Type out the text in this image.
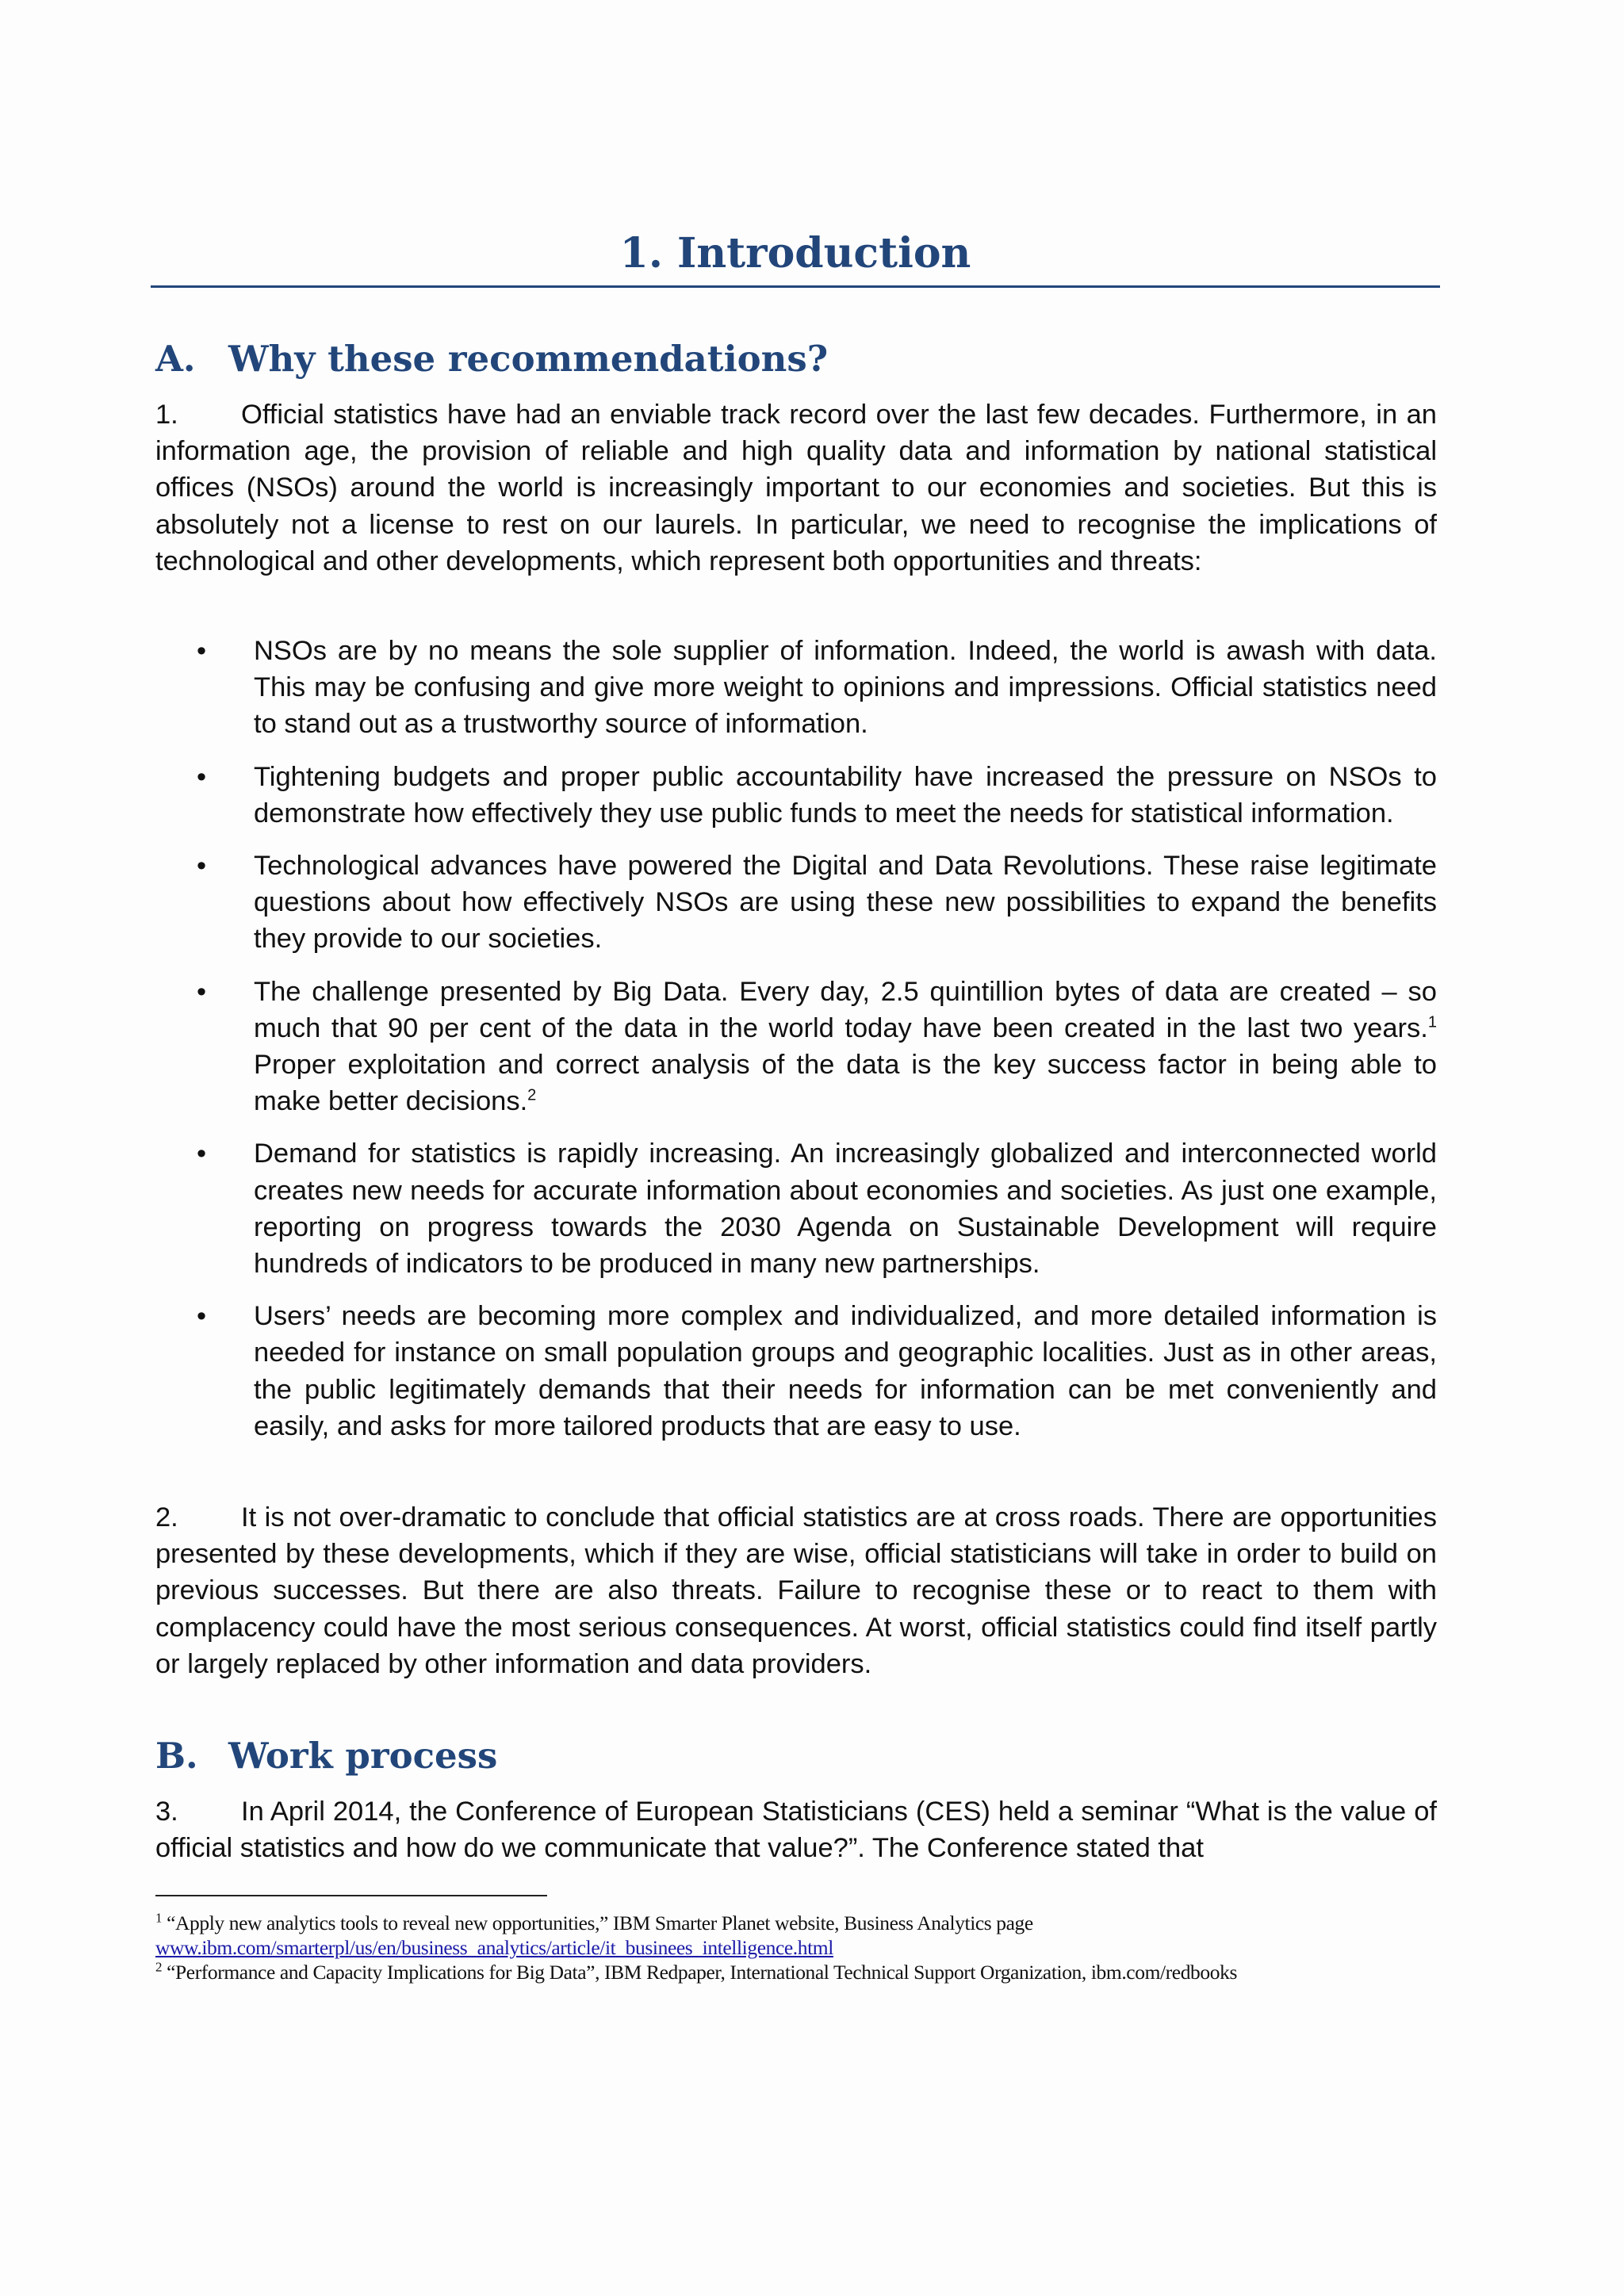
1. Introduction
A. Why these recommendations?

1. Official statistics have had an enviable track record over the last few decades. Furthermore, in an information age, the provision of reliable and high quality data and information by national statistical offices (NSOs) around the world is increasingly important to our economies and societies. But this is absolutely not a license to rest on our laurels. In particular, we need to recognise the implications of technological and other developments, which represent both opportunities and threats:

• NSOs are by no means the sole supplier of information. Indeed, the world is awash with data. This may be confusing and give more weight to opinions and impressions. Official statistics need to stand out as a trustworthy source of information.

• Tightening budgets and proper public accountability have increased the pressure on NSOs to demonstrate how effectively they use public funds to meet the needs for statistical information.

• Technological advances have powered the Digital and Data Revolutions. These raise legitimate questions about how effectively NSOs are using these new possibilities to expand the benefits they provide to our societies.

• The challenge presented by Big Data. Every day, 2.5 quintillion bytes of data are created – so much that 90 per cent of the data in the world today have been created in the last two years.$^1$ Proper exploitation and correct analysis of the data is the key success factor in being able to make better decisions.$^2$

• Demand for statistics is rapidly increasing. An increasingly globalized and interconnected world creates new needs for accurate information about economies and societies. As just one example, reporting on progress towards the 2030 Agenda on Sustainable Development will require hundreds of indicators to be produced in many new partnerships.

• Users’ needs are becoming more complex and individualized, and more detailed information is needed for instance on small population groups and geographic localities. Just as in other areas, the public legitimately demands that their needs for information can be met conveniently and easily, and asks for more tailored products that are easy to use.

2. It is not over-dramatic to conclude that official statistics are at cross roads. There are opportunities presented by these developments, which if they are wise, official statisticians will take in order to build on previous successes. But there are also threats. Failure to recognise these or to react to them with complacency could have the most serious consequences. At worst, official statistics could find itself partly or largely replaced by other information and data providers.

B. Work process

3. In April 2014, the Conference of European Statisticians (CES) held a seminar “What is the value of official statistics and how do we communicate that value?”. The Conference stated that

$^1$ “Apply new analytics tools to reveal new opportunities,” IBM Smarter Planet website, Business Analytics page

www.ibm.com/smarterpl/us/en/business_analytics/article/it_businees_intelligence.html

$^2$ “Performance and Capacity Implications for Big Data”, IBM Redpaper, International Technical Support Organization, ibm.com/redbooks
